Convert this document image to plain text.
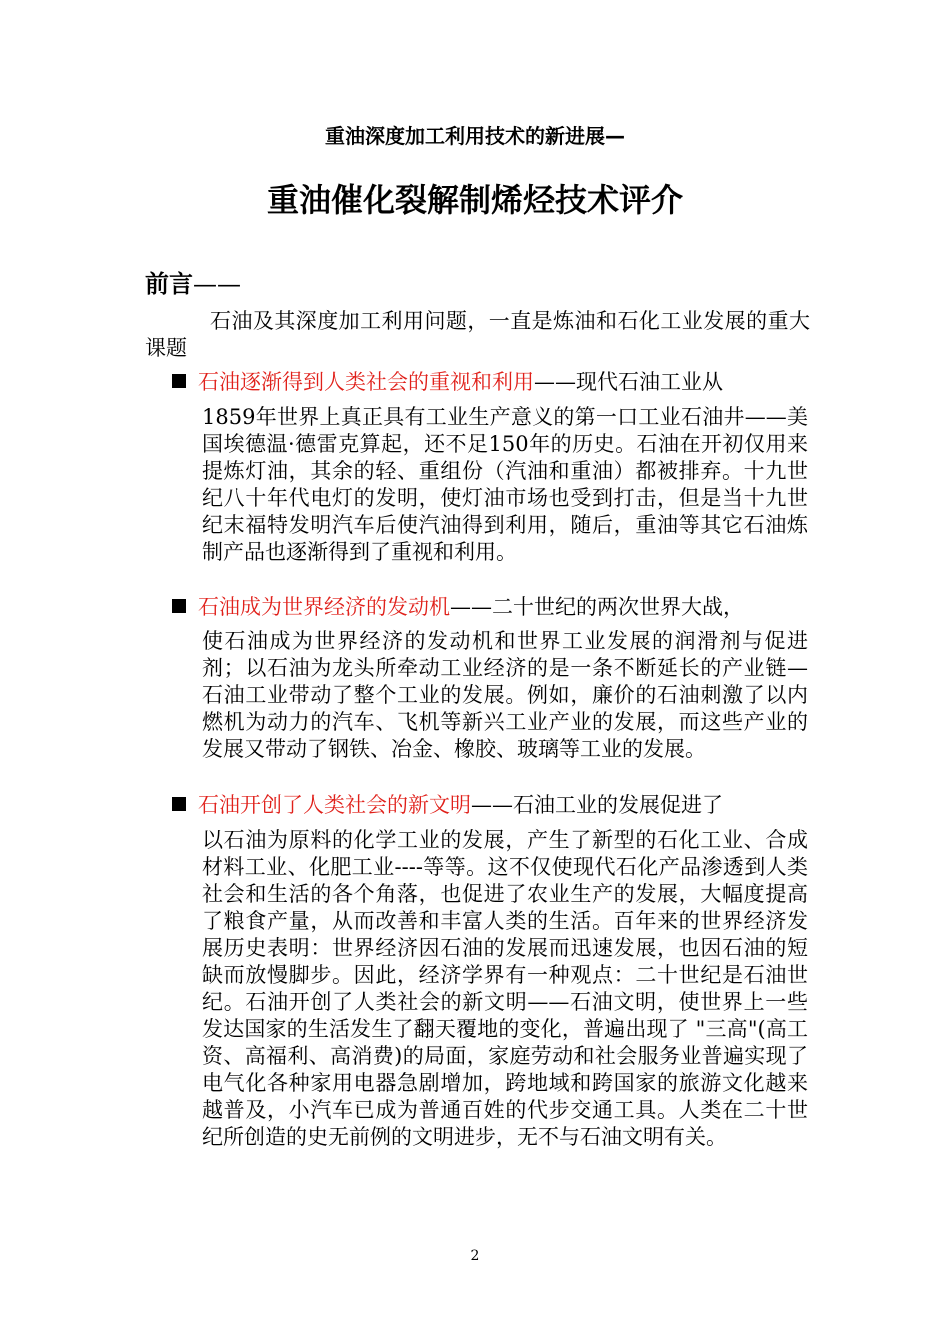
重油深度加工利用技术的新进展—
重油催化裂解制烯烃技术评介
前言——
石油及其深度加工利用问题，一直是炼油和石化工业发展的重大课题
石油逐渐得到人类社会的重视和利用——现代石油工业从
1859年世界上真正具有工业生产意义的第一口工业石油井——美国埃德温·德雷克算起，还不足150年的历史。石油在开初仅用来提炼灯油，其余的轻、重组份（汽油和重油）都被排弃。十九世纪八十年代电灯的发明，使灯油市场也受到打击，但是当十九世纪末福特发明汽车后使汽油得到利用，随后，重油等其它石油炼制产品也逐渐得到了重视和利用。
石油成为世界经济的发动机——二十世纪的两次世界大战，
使石油成为世界经济的发动机和世界工业发展的润滑剂与促进剂；以石油为龙头所牵动工业经济的是一条不断延长的产业链—石油工业带动了整个工业的发展。例如，廉价的石油刺激了以内燃机为动力的汽车、飞机等新兴工业产业的发展，而这些产业的发展又带动了钢铁、冶金、橡胶、玻璃等工业的发展。
石油开创了人类社会的新文明——石油工业的发展促进了
以石油为原料的化学工业的发展，产生了新型的石化工业、合成材料工业、化肥工业----等等。这不仅使现代石化产品渗透到人类社会和生活的各个角落，也促进了农业生产的发展，大幅度提高了粮食产量，从而改善和丰富人类的生活。百年来的世界经济发展历史表明：世界经济因石油的发展而迅速发展，也因石油的短缺而放慢脚步。因此，经济学界有一种观点：二十世纪是石油世纪。石油开创了人类社会的新文明——石油文明，使世界上一些发达国家的生活发生了翻天覆地的变化，普遍出现了 "三高"(高工资、高福利、高消费)的局面，家庭劳动和社会服务业普遍实现了电气化各种家用电器急剧增加，跨地域和跨国家的旅游文化越来越普及，小汽车已成为普通百姓的代步交通工具。人类在二十世纪所创造的史无前例的文明进步，无不与石油文明有关。
2
